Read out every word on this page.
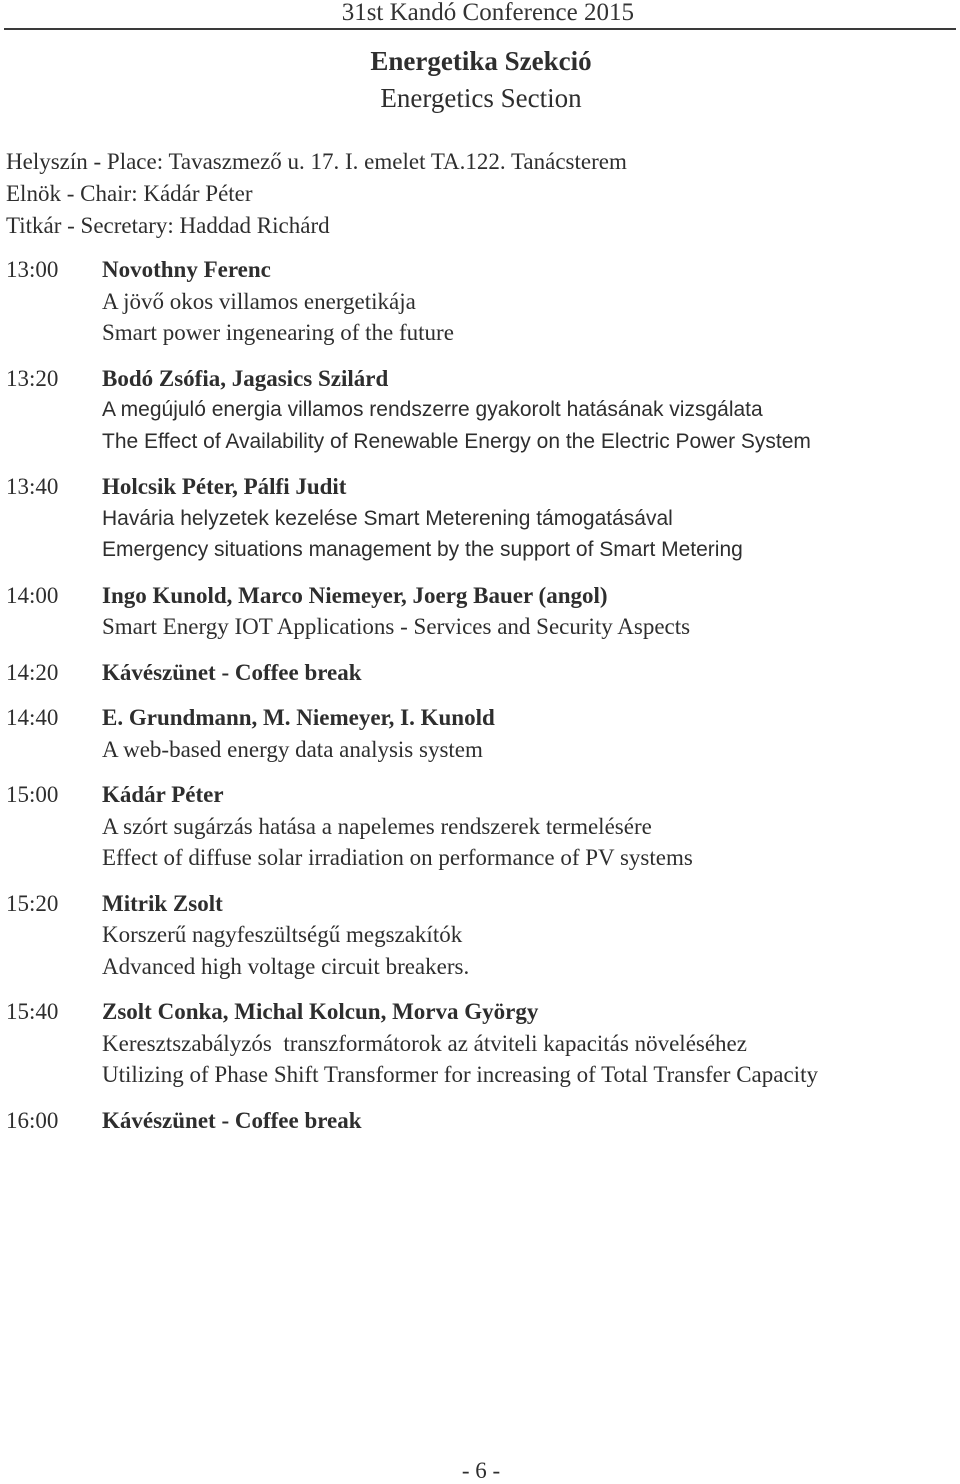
31st Kandó Conference 2015
Energetika Szekció
Energetics Section
Helyszín - Place: Tavaszmező u. 17. I. emelet TA.122. Tanácsterem
Elnök - Chair: Kádár Péter
Titkár - Secretary: Haddad Richárd
13:00	Novothny Ferenc
A jövő okos villamos energetikája
Smart power ingenearing of the future
13:20	Bodó Zsófia, Jagasics Szilárd
A megújuló energia villamos rendszerre gyakorolt hatásának vizsgálata
The Effect of Availability of Renewable Energy on the Electric Power System
13:40	Holcsik Péter, Pálfi Judit
Havária helyzetek kezelése Smart Meterening támogatásával
Emergency situations management by the support of Smart Metering
14:00	Ingo Kunold, Marco Niemeyer, Joerg Bauer (angol)
Smart Energy IOT Applications - Services and Security Aspects
14:20	Kávészünet - Coffee break
14:40	E. Grundmann, M. Niemeyer, I. Kunold
A web-based energy data analysis system
15:00	Kádár Péter
A szórt sugárzás hatása a napelemes rendszerek termelésére
Effect of diffuse solar irradiation on performance of PV systems
15:20	Mitrik Zsolt
Korszerű nagyfeszültségű megszakítók
Advanced high voltage circuit breakers.
15:40	Zsolt Conka, Michal Kolcun, Morva György
Keresztszabályzós  transzformátorok az átviteli kapacitás növeléséhez
Utilizing of Phase Shift Transformer for increasing of Total Transfer Capacity
16:00	Kávészünet - Coffee break
- 6 -
